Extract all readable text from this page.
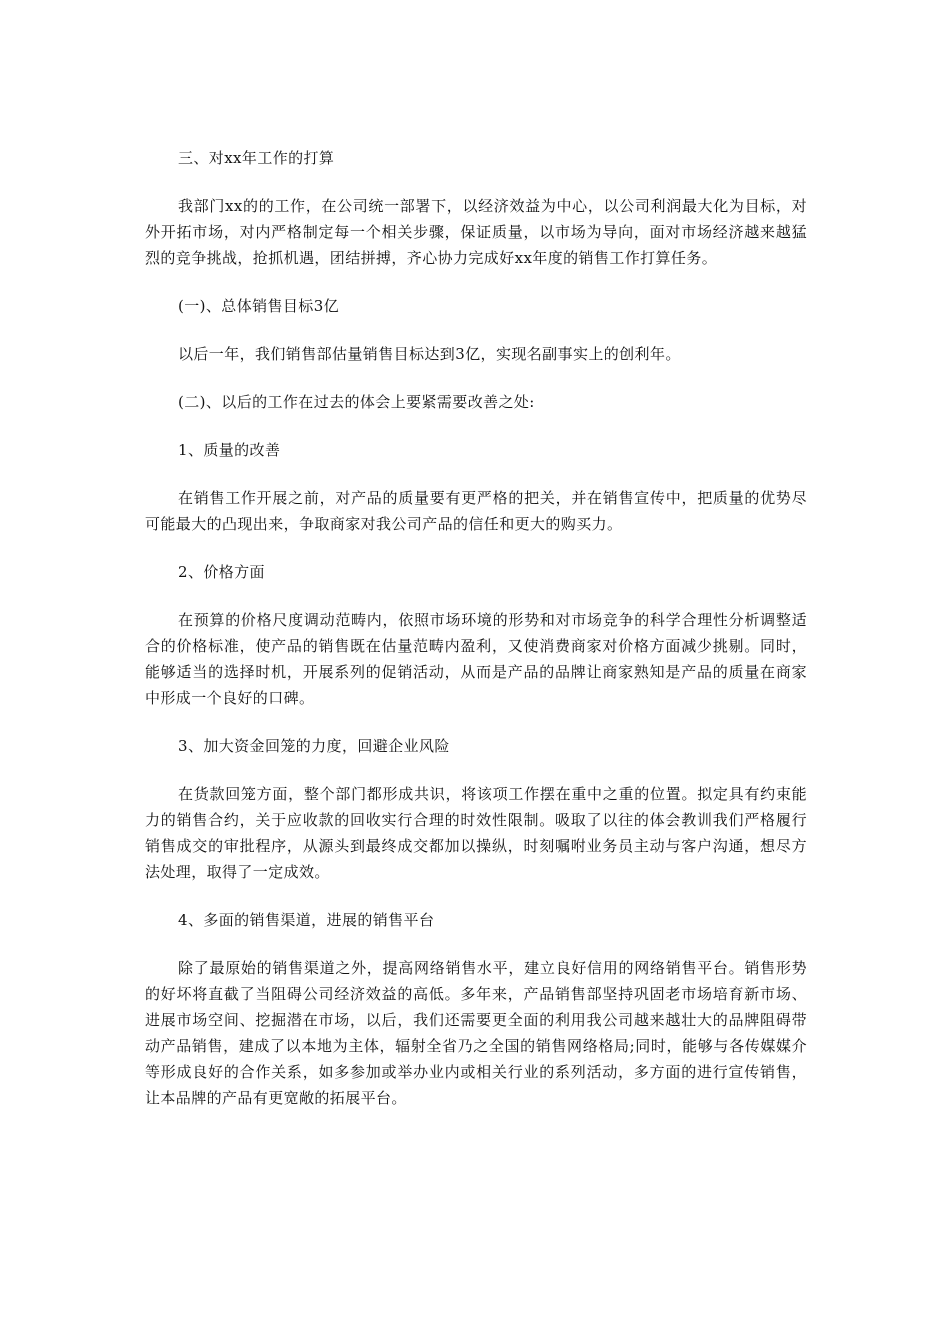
三、对xx年工作的打算

我部门xx的的工作，在公司统一部署下，以经济效益为中心，以公司利润最大化为目标，对外开拓市场，对内严格制定每一个相关步骤，保证质量，以市场为导向，面对市场经济越来越猛烈的竞争挑战，抢抓机遇，团结拼搏，齐心协力完成好xx年度的销售工作打算任务。

(一)、总体销售目标3亿

以后一年，我们销售部估量销售目标达到3亿，实现名副事实上的创利年。

(二)、以后的工作在过去的体会上要紧需要改善之处:

1、质量的改善

在销售工作开展之前，对产品的质量要有更严格的把关，并在销售宣传中，把质量的优势尽可能最大的凸现出来，争取商家对我公司产品的信任和更大的购买力。

2、价格方面

在预算的价格尺度调动范畴内，依照市场环境的形势和对市场竞争的科学合理性分析调整适合的价格标准，使产品的销售既在估量范畴内盈利，又使消费商家对价格方面减少挑剔。同时，能够适当的选择时机，开展系列的促销活动，从而是产品的品牌让商家熟知是产品的质量在商家中形成一个良好的口碑。

3、加大资金回笼的力度，回避企业风险

在货款回笼方面，整个部门都形成共识，将该项工作摆在重中之重的位置。拟定具有约束能力的销售合约，关于应收款的回收实行合理的时效性限制。吸取了以往的体会教训我们严格履行销售成交的审批程序，从源头到最终成交都加以操纵，时刻嘱咐业务员主动与客户沟通，想尽方法处理，取得了一定成效。

4、多面的销售渠道，进展的销售平台

除了最原始的销售渠道之外，提高网络销售水平，建立良好信用的网络销售平台。销售形势的好坏将直截了当阻碍公司经济效益的高低。多年来，产品销售部坚持巩固老市场培育新市场、进展市场空间、挖掘潜在市场，以后，我们还需要更全面的利用我公司越来越壮大的品牌阻碍带动产品销售，建成了以本地为主体，辐射全省乃之全国的销售网络格局;同时，能够与各传媒媒介等形成良好的合作关系，如多参加或举办业内或相关行业的系列活动，多方面的进行宣传销售，让本品牌的产品有更宽敞的拓展平台。
